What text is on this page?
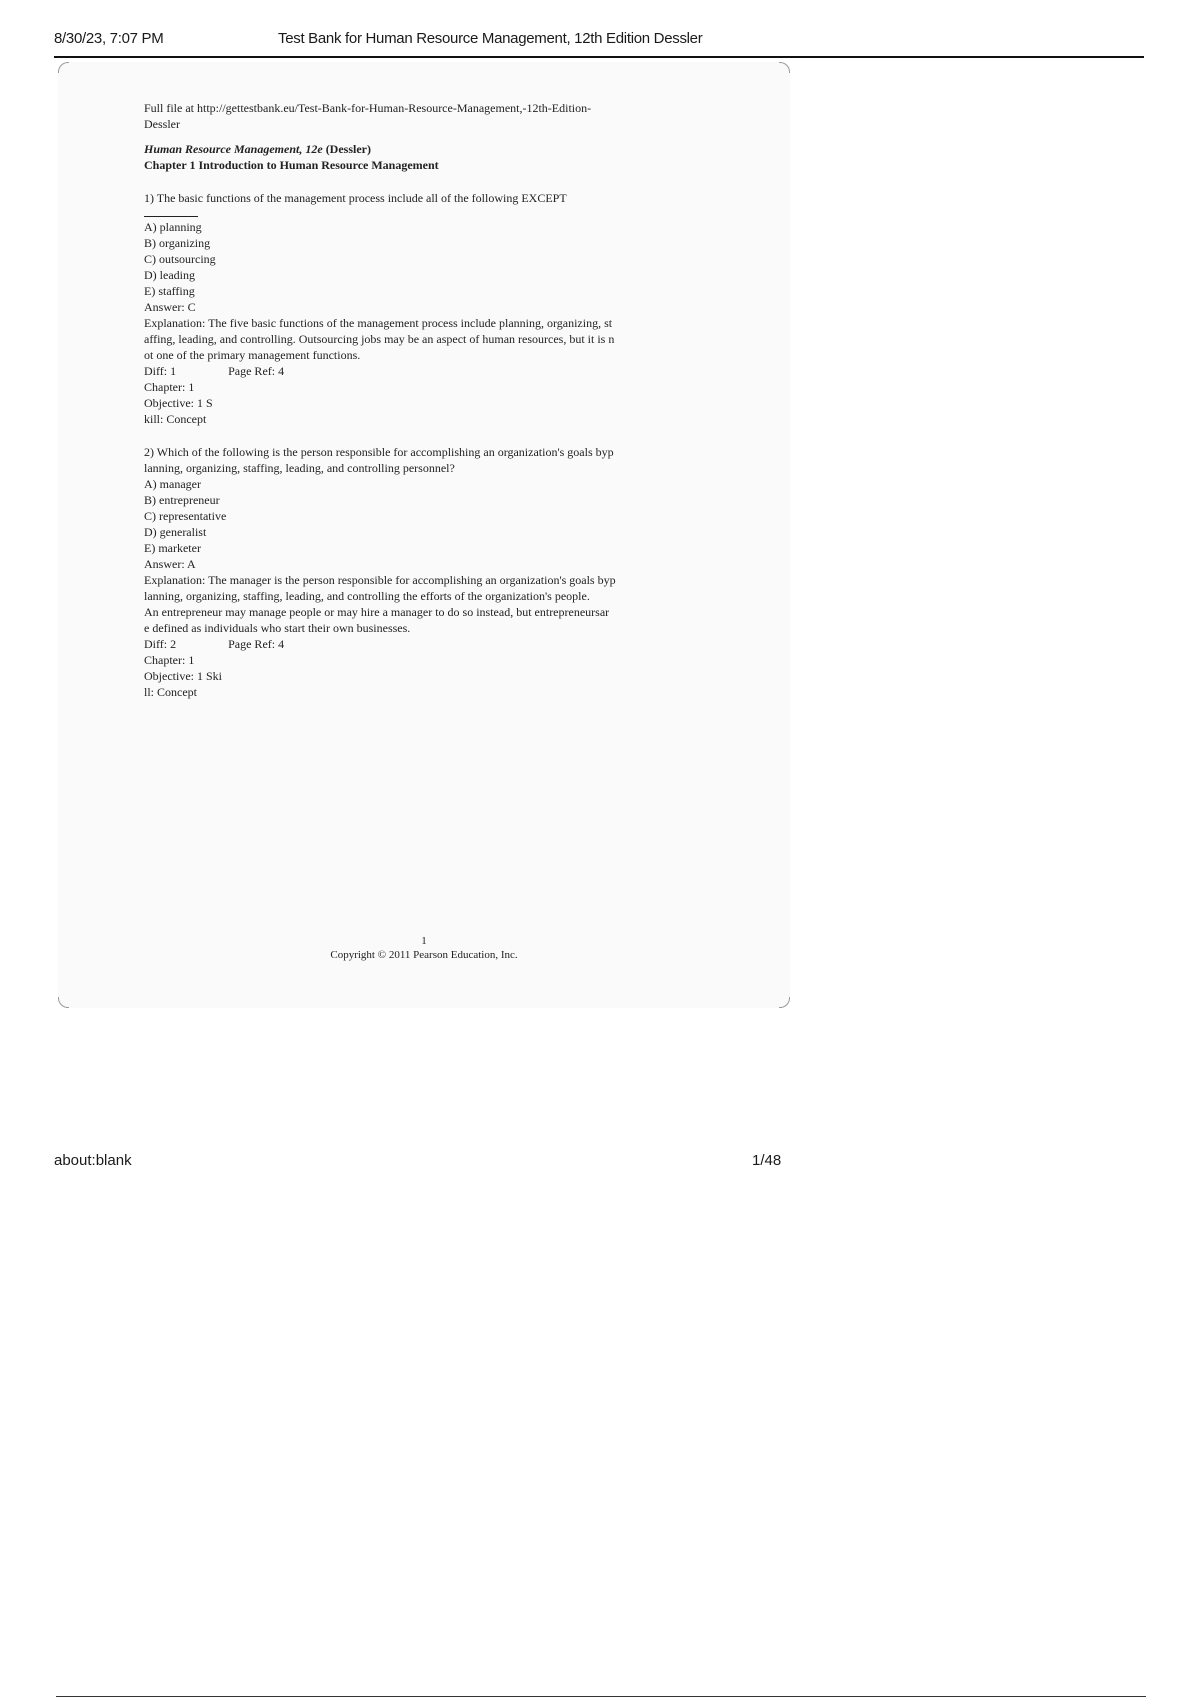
8/30/23, 7:07 PM	Test Bank for Human Resource Management, 12th Edition Dessler

Full file at http://gettestbank.eu/Test-Bank-for-Human-Resource-Management,-12th-Edition-
Dessler

Human Resource Management, 12e (Dessler)

Chapter 1 Introduction to Human Resource Management

1) The basic functions of the management process include all of the following EXCEPT

A) planning

B) organizing

C) outsourcing

D) leading

E) staffing

Answer: C

Explanation: The five basic functions of the management process include planning, organizing, st

affing, leading, and controlling. Outsourcing jobs may be an aspect of human resources, but it is n

ot one of the primary management functions.

Diff: 1	Page Ref: 4

Chapter: 1

Objective: 1 S

kill: Concept

2) Which of the following is the person responsible for accomplishing an organization's goals byp

lanning, organizing, staffing, leading, and controlling personnel?

A) manager

B) entrepreneur

C) representative

D) generalist

E) marketer

Answer: A

Explanation: The manager is the person responsible for accomplishing an organization's goals byp

lanning, organizing, staffing, leading, and controlling the efforts of the organization's people.

An entrepreneur may manage people or may hire a manager to do so instead, but entrepreneursar

e defined as individuals who start their own businesses.

Diff: 2	Page Ref: 4

Chapter: 1

Objective: 1 Ski

ll: Concept

1
Copyright © 2011 Pearson Education, Inc.
about:blank	1/48
